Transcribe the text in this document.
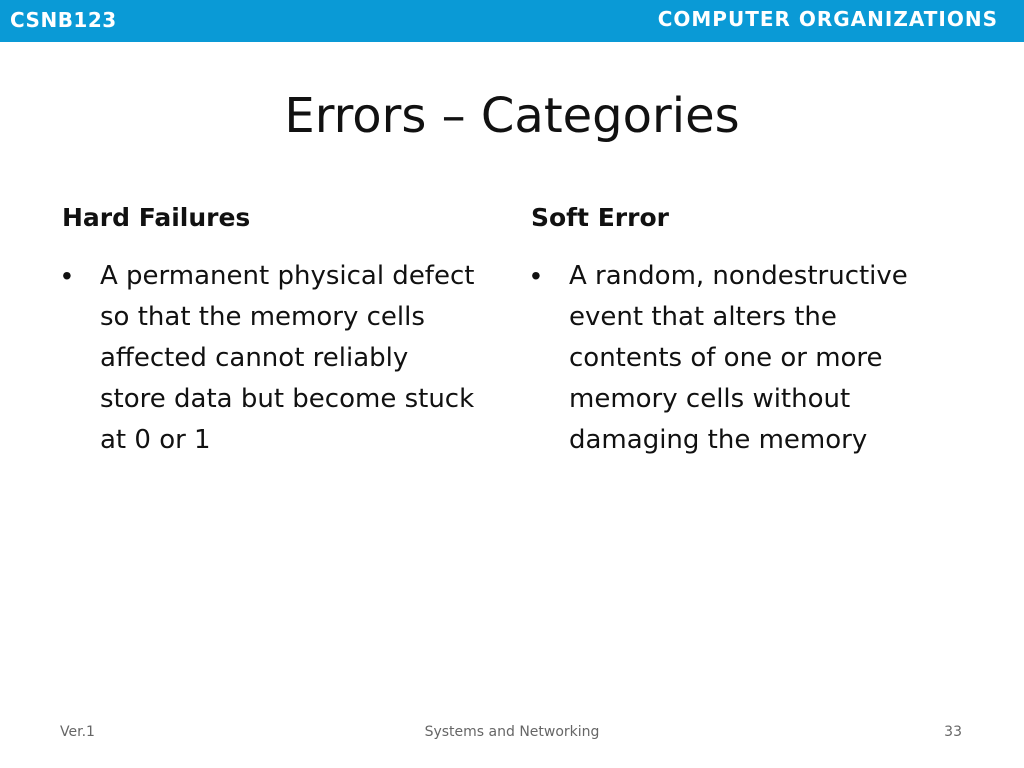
CSNB123	COMPUTER ORGANIZATIONS
Errors – Categories
Hard Failures
•	A permanent physical defect so that the memory cells affected cannot reliably store data but become stuck at 0 or 1
Soft Error
•	A random, nondestructive event that alters the contents of one or more memory cells without damaging the memory
Ver.1	Systems and Networking	33
